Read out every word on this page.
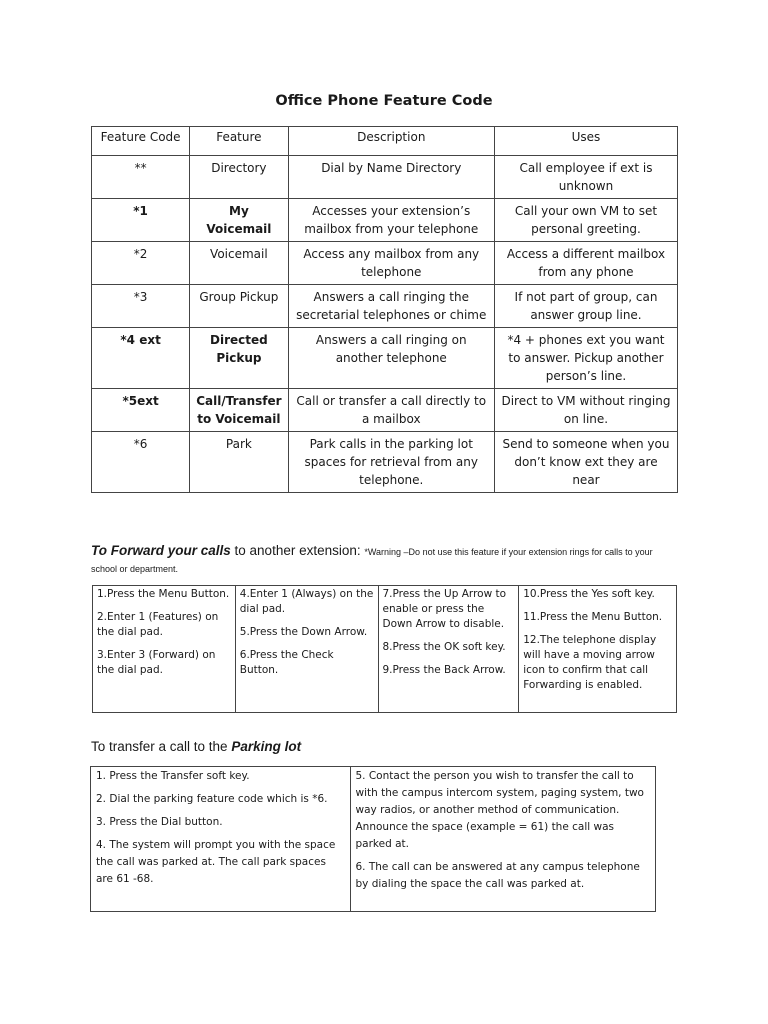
Office Phone Feature Code
Feature Code	Feature	Description	Uses
**	Directory	Dial by Name Directory	Call employee if ext is unknown
*1	My Voicemail	Accesses your extension’s mailbox from your telephone	Call your own VM to set personal greeting.
*2	Voicemail	Access any mailbox from any telephone	Access a different mailbox from any phone
*3	Group Pickup	Answers a call ringing the secretarial telephones or chime	If not part of group, can answer group line.
*4 ext	Directed Pickup	Answers a call ringing on another telephone	*4 + phones ext you want to answer. Pickup another person’s line.
*5ext	Call/Transfer to Voicemail	Call or transfer a call directly to a mailbox	Direct to VM without ringing on line.
*6	Park	Park calls in the parking lot spaces for retrieval from any telephone.	Send to someone when you don’t know ext they are near
To Forward your calls to another extension: *Warning –Do not use this feature if your extension rings for calls to your school or department.

1.Press the Menu Button.

2.Enter 1 (Features) on the dial pad.

3.Enter 3 (Forward) on the dial pad.

4.Enter 1 (Always) on the dial pad.

5.Press the Down Arrow.

6.Press the Check Button.

7.Press the Up Arrow to enable or press the Down Arrow to disable.

8.Press the OK soft key.

9.Press the Back Arrow.

10.Press the Yes soft key.

11.Press the Menu Button.

12.The telephone display will have a moving arrow icon to confirm that call Forwarding is enabled.

To transfer a call to the Parking lot

1. Press the Transfer soft key.

2. Dial the parking feature code which is *6.

3. Press the Dial button.

4. The system will prompt you with the space the call was parked at. The call park spaces are 61 -68.

5. Contact the person you wish to transfer the call to with the campus intercom system, paging system, two way radios, or another method of communication. Announce the space (example = 61) the call was parked at.

6. The call can be answered at any campus telephone by dialing the space the call was parked at.
